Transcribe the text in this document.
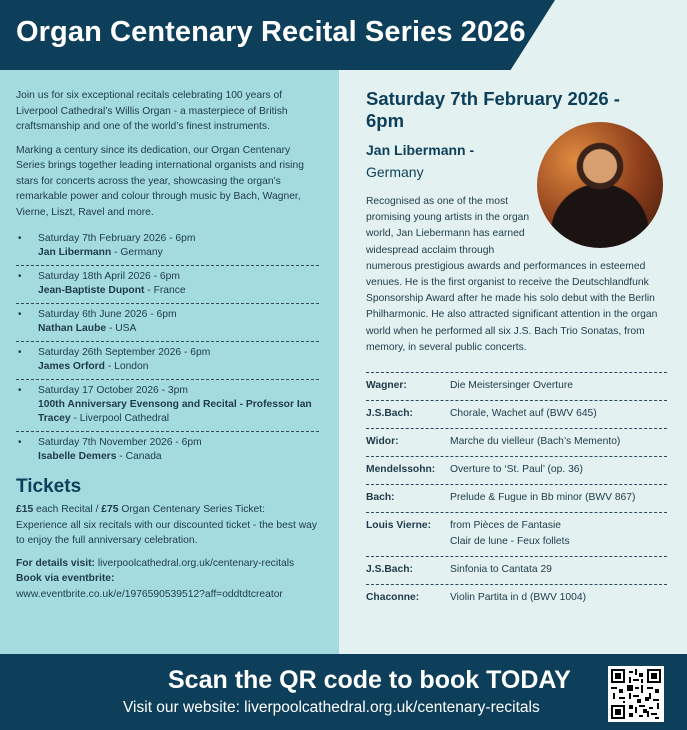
Organ Centenary Recital Series 2026

Join us for six exceptional recitals celebrating 100 years of Liverpool Cathedral’s Willis Organ - a masterpiece of British craftsmanship and one of the world’s finest instruments.

Marking a century since its dedication, our Organ Centenary Series brings together leading international organists and rising stars for concerts across the year, showcasing the organ’s remarkable power and colour through music by Bach, Wagner, Vierne, Liszt, Ravel and more.

• Saturday 7th February 2026 - 6pm
Jan Libermann - Germany
• Saturday 18th April 2026 - 6pm
Jean-Baptiste Dupont - France
• Saturday 6th June 2026 - 6pm
Nathan Laube - USA
• Saturday 26th September 2026 - 6pm
James Orford - London
• Saturday 17 October 2026 - 3pm
100th Anniversary Evensong and Recital - Professor Ian Tracey - Liverpool Cathedral
• Saturday 7th November 2026 - 6pm
Isabelle Demers - Canada
Tickets

£15 each Recital / £75 Organ Centenary Series Ticket: Experience all six recitals with our discounted ticket - the best way to enjoy the full anniversary celebration.

For details visit: liverpoolcathedral.org.uk/centenary-recitals
Book via eventbrite:
www.eventbrite.co.uk/e/1976590539512?aff=oddtdtcreator

Saturday 7th February 2026 - 6pm
Jan Libermann -
Germany

Recognised as one of the most promising young artists in the organ world, Jan Liebermann has earned widespread acclaim through
numerous prestigious awards and performances in esteemed venues. He is the first organist to receive the Deutschlandfunk Sponsorship Award after he made his solo debut with the Berlin Philharmonic. He also attracted significant attention in the organ world when he performed all six J.S. Bach Trio Sonatas, from memory, in several public concerts.

Wagner:	Die Meistersinger Overture
J.S.Bach:	Chorale, Wachet auf (BWV 645)
Widor:	Marche du vielleur (Bach’s Memento)
Mendelssohn:	Overture to ‘St. Paul’ (op. 36)
Bach:	Prelude & Fugue in Bb minor (BWV 867)
Louis Vierne:	from Pièces de Fantasie
Clair de lune - Feux follets
J.S.Bach:	Sinfonia to Cantata 29
Chaconne:	Violin Partita in d (BWV 1004)
Scan the QR code to book TODAY
Visit our website: liverpoolcathedral.org.uk/centenary-recitals
